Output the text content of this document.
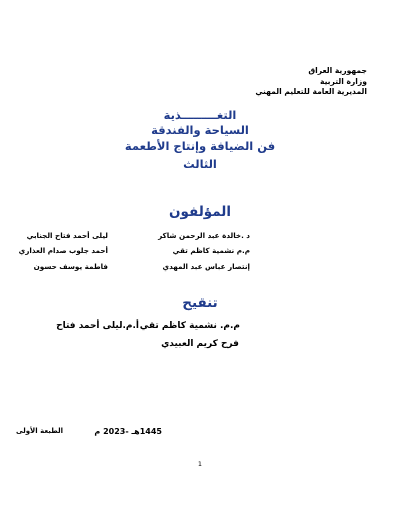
جمهورية العراق
وزارة التربية
المديرية العامة للتعليم المهني
التغـــــــــذية
السياحة والفندقة
فن الضيافة وإنتاج الأطعمة
الثالث
المؤلفون
د .خالدة عبد الرحمن شاكر
م.م نشمية كاظم تقي
إنتصار عباس عبد المهدي
ليلى أحمد فتاح الجنابي
أحمد جلوب صدام العذاري
فاطمة يوسف حسون
تنقيح
أ.م.ليلى أحمد فتاح م.م. نشمية كاظم تقي
فرح كريم العبيدي
الطبعة الأولى	1445هـ -2023 م
1
